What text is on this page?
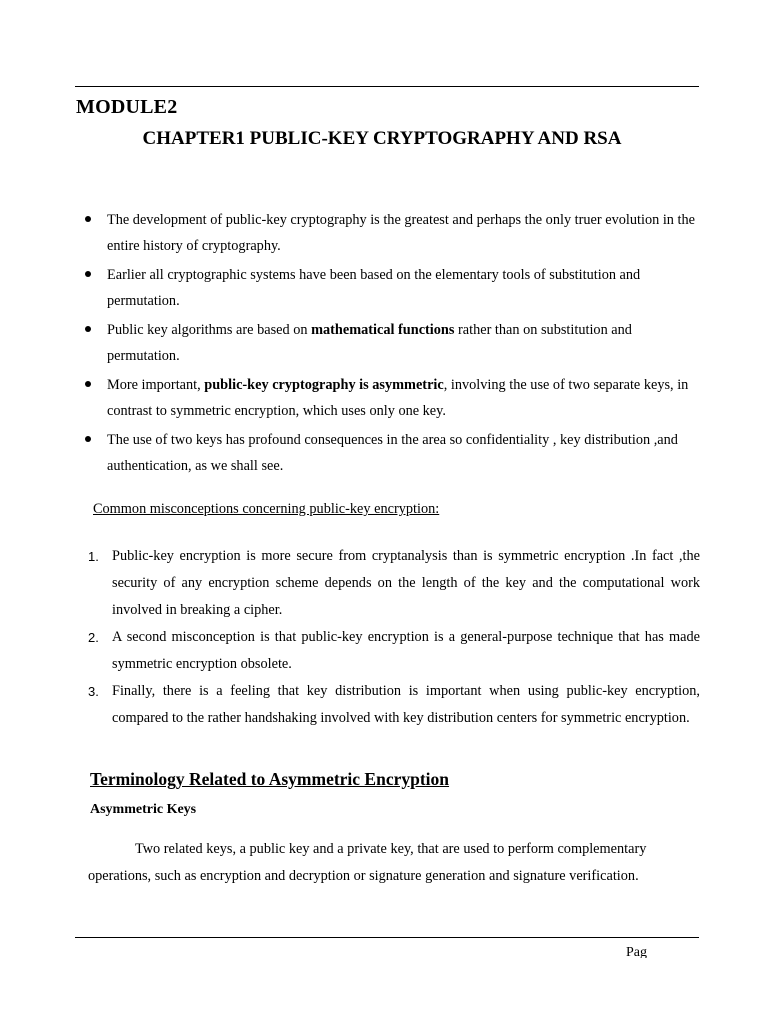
MODULE2
CHAPTER1 PUBLIC-KEY CRYPTOGRAPHY AND RSA
The development of public-key cryptography is the greatest and perhaps the only truer evolution in the entire history of cryptography.
Earlier all cryptographic systems have been based on the elementary tools of substitution and permutation.
Public key algorithms are based on mathematical functions rather than on substitution and permutation.
More important, public-key cryptography is asymmetric, involving the use of two separate keys, in contrast to symmetric encryption, which uses only one key.
The use of two keys has profound consequences in the area so confidentiality , key distribution ,and authentication, as we shall see.
Common misconceptions concerning public-key encryption:
1. Public-key encryption is more secure from cryptanalysis than is symmetric encryption .In fact ,the security of any encryption scheme depends on the length of the key and the computational work involved in breaking a cipher.
2. A second misconception is that public-key encryption is a general-purpose technique that has made symmetric encryption obsolete.
3. Finally, there is a feeling that key distribution is important when using public-key encryption, compared to the rather handshaking involved with key distribution centers for symmetric encryption.
Terminology Related to Asymmetric Encryption
Asymmetric Keys
Two related keys, a public key and a private key, that are used to perform complementary operations, such as encryption and decryption or signature generation and signature verification.
Pag
